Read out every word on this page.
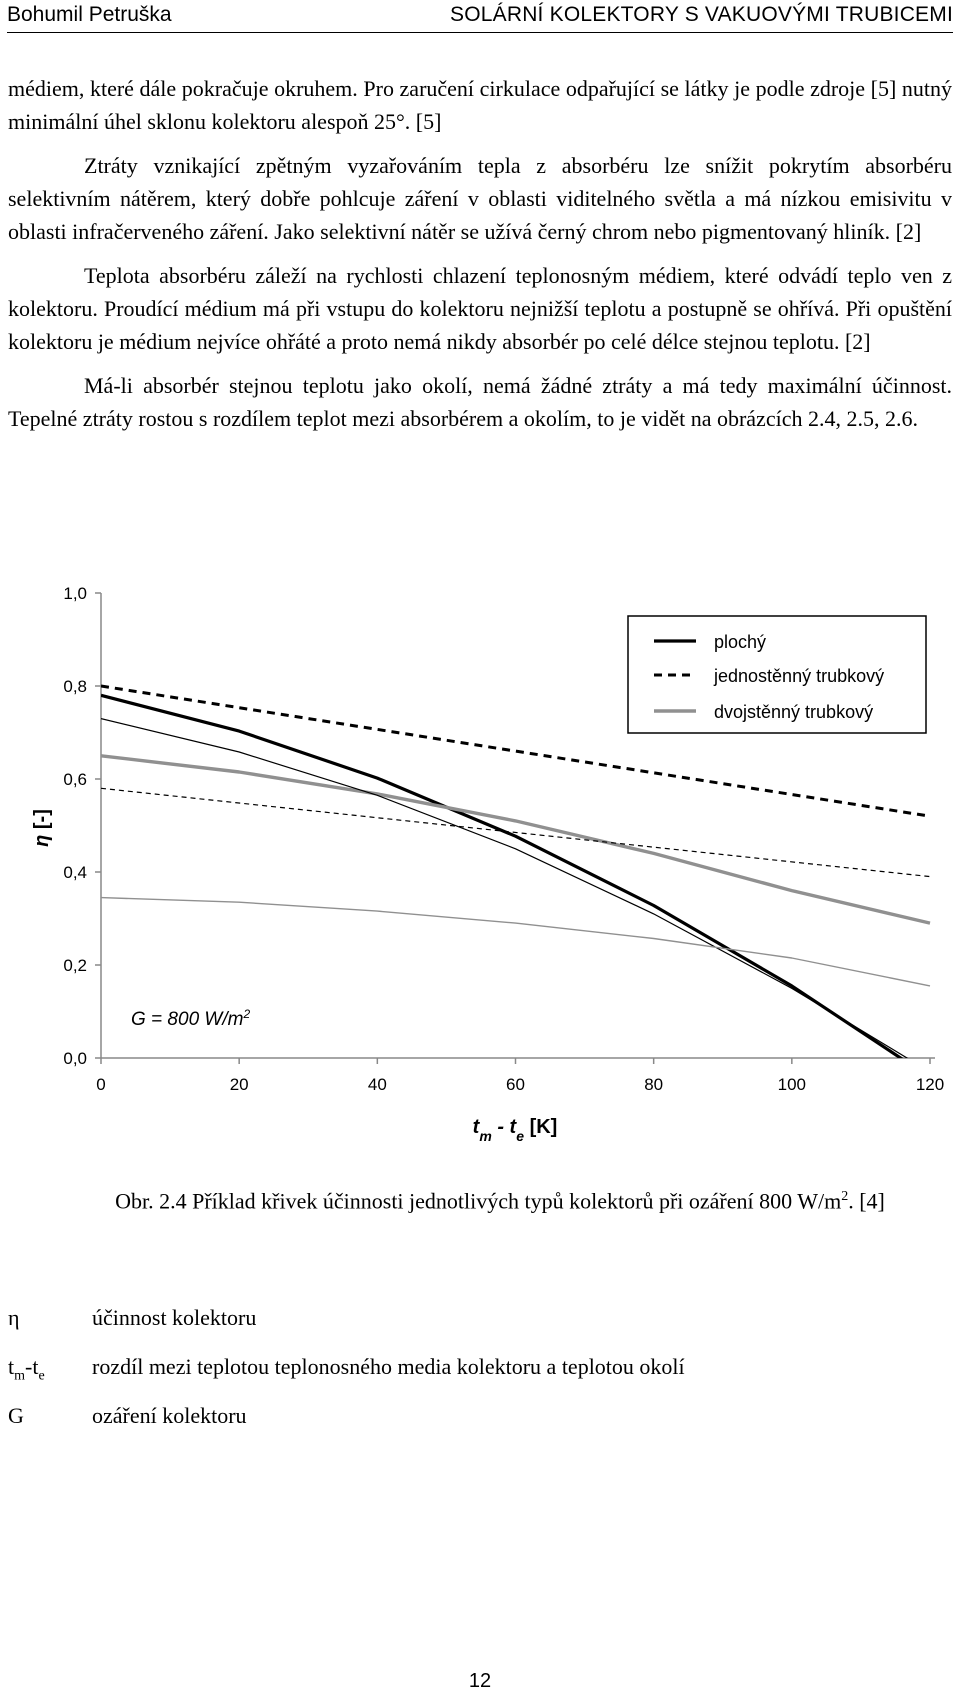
Bohumil Petruška	SOLÁRNÍ KOLEKTORY S VAKUOVÝMI TRUBICEMI

médiem, které dále pokračuje okruhem. Pro zaručení cirkulace odpařující se látky je podle zdroje [5] nutný minimální úhel sklonu kolektoru alespoň 25°. [5]

Ztráty vznikající zpětným vyzařováním tepla z absorbéru lze snížit pokrytím absorbéru selektivním nátěrem, který dobře pohlcuje záření v oblasti viditelného světla a má nízkou emisivitu v oblasti infračerveného záření. Jako selektivní nátěr se užívá černý chrom nebo pigmentovaný hliník. [2]

Teplota absorbéru záleží na rychlosti chlazení teplonosným médiem, které odvádí teplo ven z kolektoru. Proudící médium má při vstupu do kolektoru nejnižší teplotu a postupně se ohřívá. Při opuštění kolektoru je médium nejvíce ohřáté a proto nemá nikdy absorbér po celé délce stejnou teplotu. [2]

Má-li absorbér stejnou teplotu jako okolí, nemá žádné ztráty a má tedy maximální účinnost. Tepelné ztráty rostou s rozdílem teplot mezi absorbérem a okolím, to je vidět na obrázcích 2.4, 2.5, 2.6.

0,0
0,2
0,4
0,6
0,8
1,0
0	20	40	60	80	100	120
plochý
jednostěnný trubkový
dvojstěnný trubkový
G = 800 $W/m^2$
η [-]
$t_m - t_e$ [K]
Obr. 2.4 Příklad křivek účinnosti jednotlivých typů kolektorů při ozáření 800 $W/m^2$. [4]
η	účinnost kolektoru
$t_m-t_e$	rozdíl mezi teplotou teplonosného media kolektoru a teplotou okolí
G	ozáření kolektoru
12
